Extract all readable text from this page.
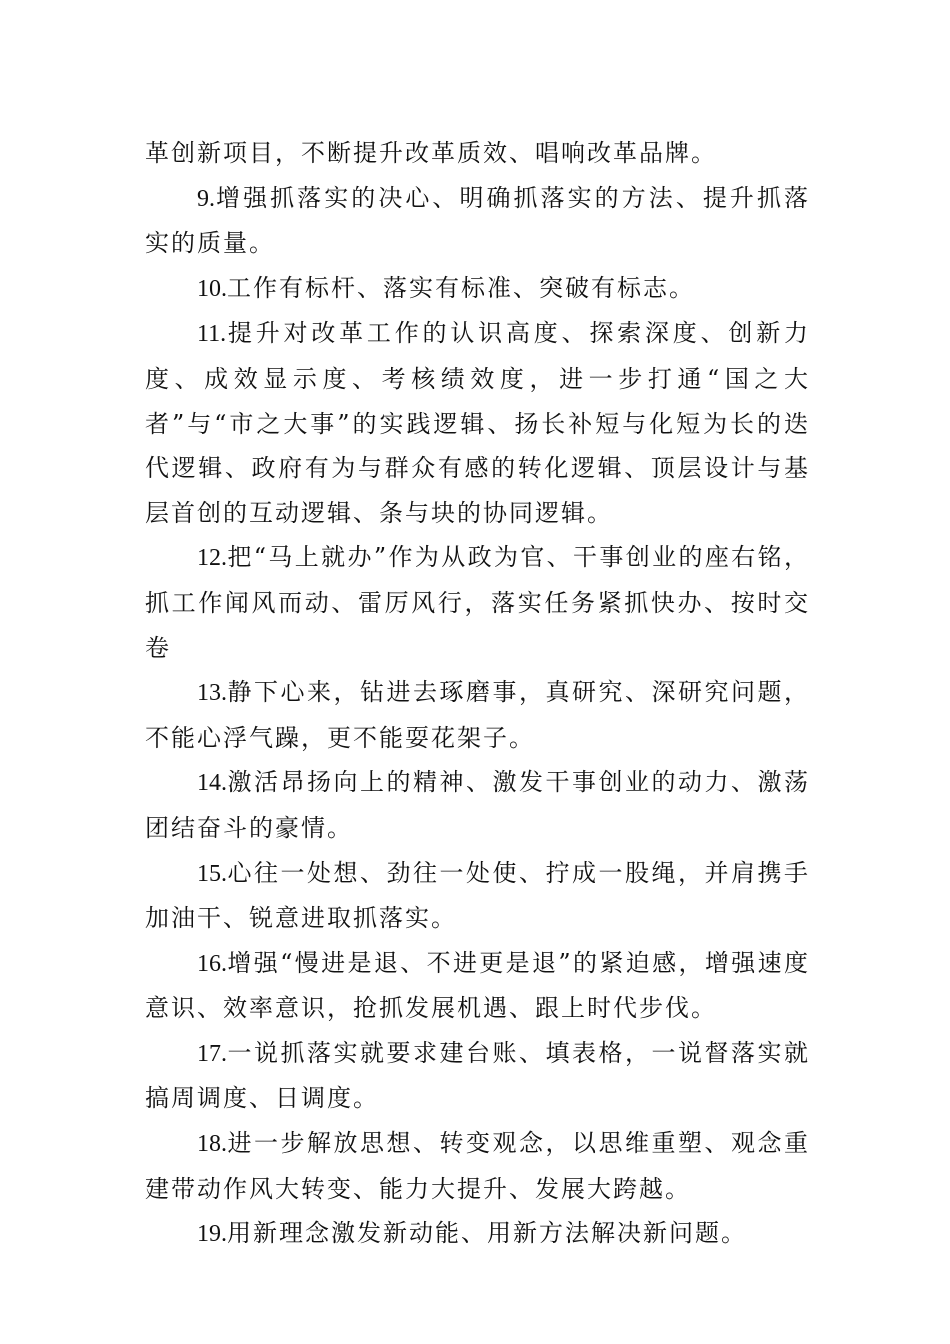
革创新项目，不断提升改革质效、唱响改革品牌。

9.增强抓落实的决心、明确抓落实的方法、提升抓落实的质量。

10.工作有标杆、落实有标准、突破有标志。

11.提升对改革工作的认识高度、探索深度、创新力度、成效显示度、考核绩效度，进一步打通“国之大者”与“市之大事”的实践逻辑、扬长补短与化短为长的迭代逻辑、政府有为与群众有感的转化逻辑、顶层设计与基层首创的互动逻辑、条与块的协同逻辑。

12.把“马上就办”作为从政为官、干事创业的座右铭，抓工作闻风而动、雷厉风行，落实任务紧抓快办、按时交卷

13.静下心来，钻进去琢磨事，真研究、深研究问题，不能心浮气躁，更不能耍花架子。

14.激活昂扬向上的精神、激发干事创业的动力、激荡团结奋斗的豪情。

15.心往一处想、劲往一处使、拧成一股绳，并肩携手加油干、锐意进取抓落实。

16.增强“慢进是退、不进更是退”的紧迫感，增强速度意识、效率意识，抢抓发展机遇、跟上时代步伐。

17.一说抓落实就要求建台账、填表格，一说督落实就搞周调度、日调度。

18.进一步解放思想、转变观念，以思维重塑、观念重建带动作风大转变、能力大提升、发展大跨越。

19.用新理念激发新动能、用新方法解决新问题。
